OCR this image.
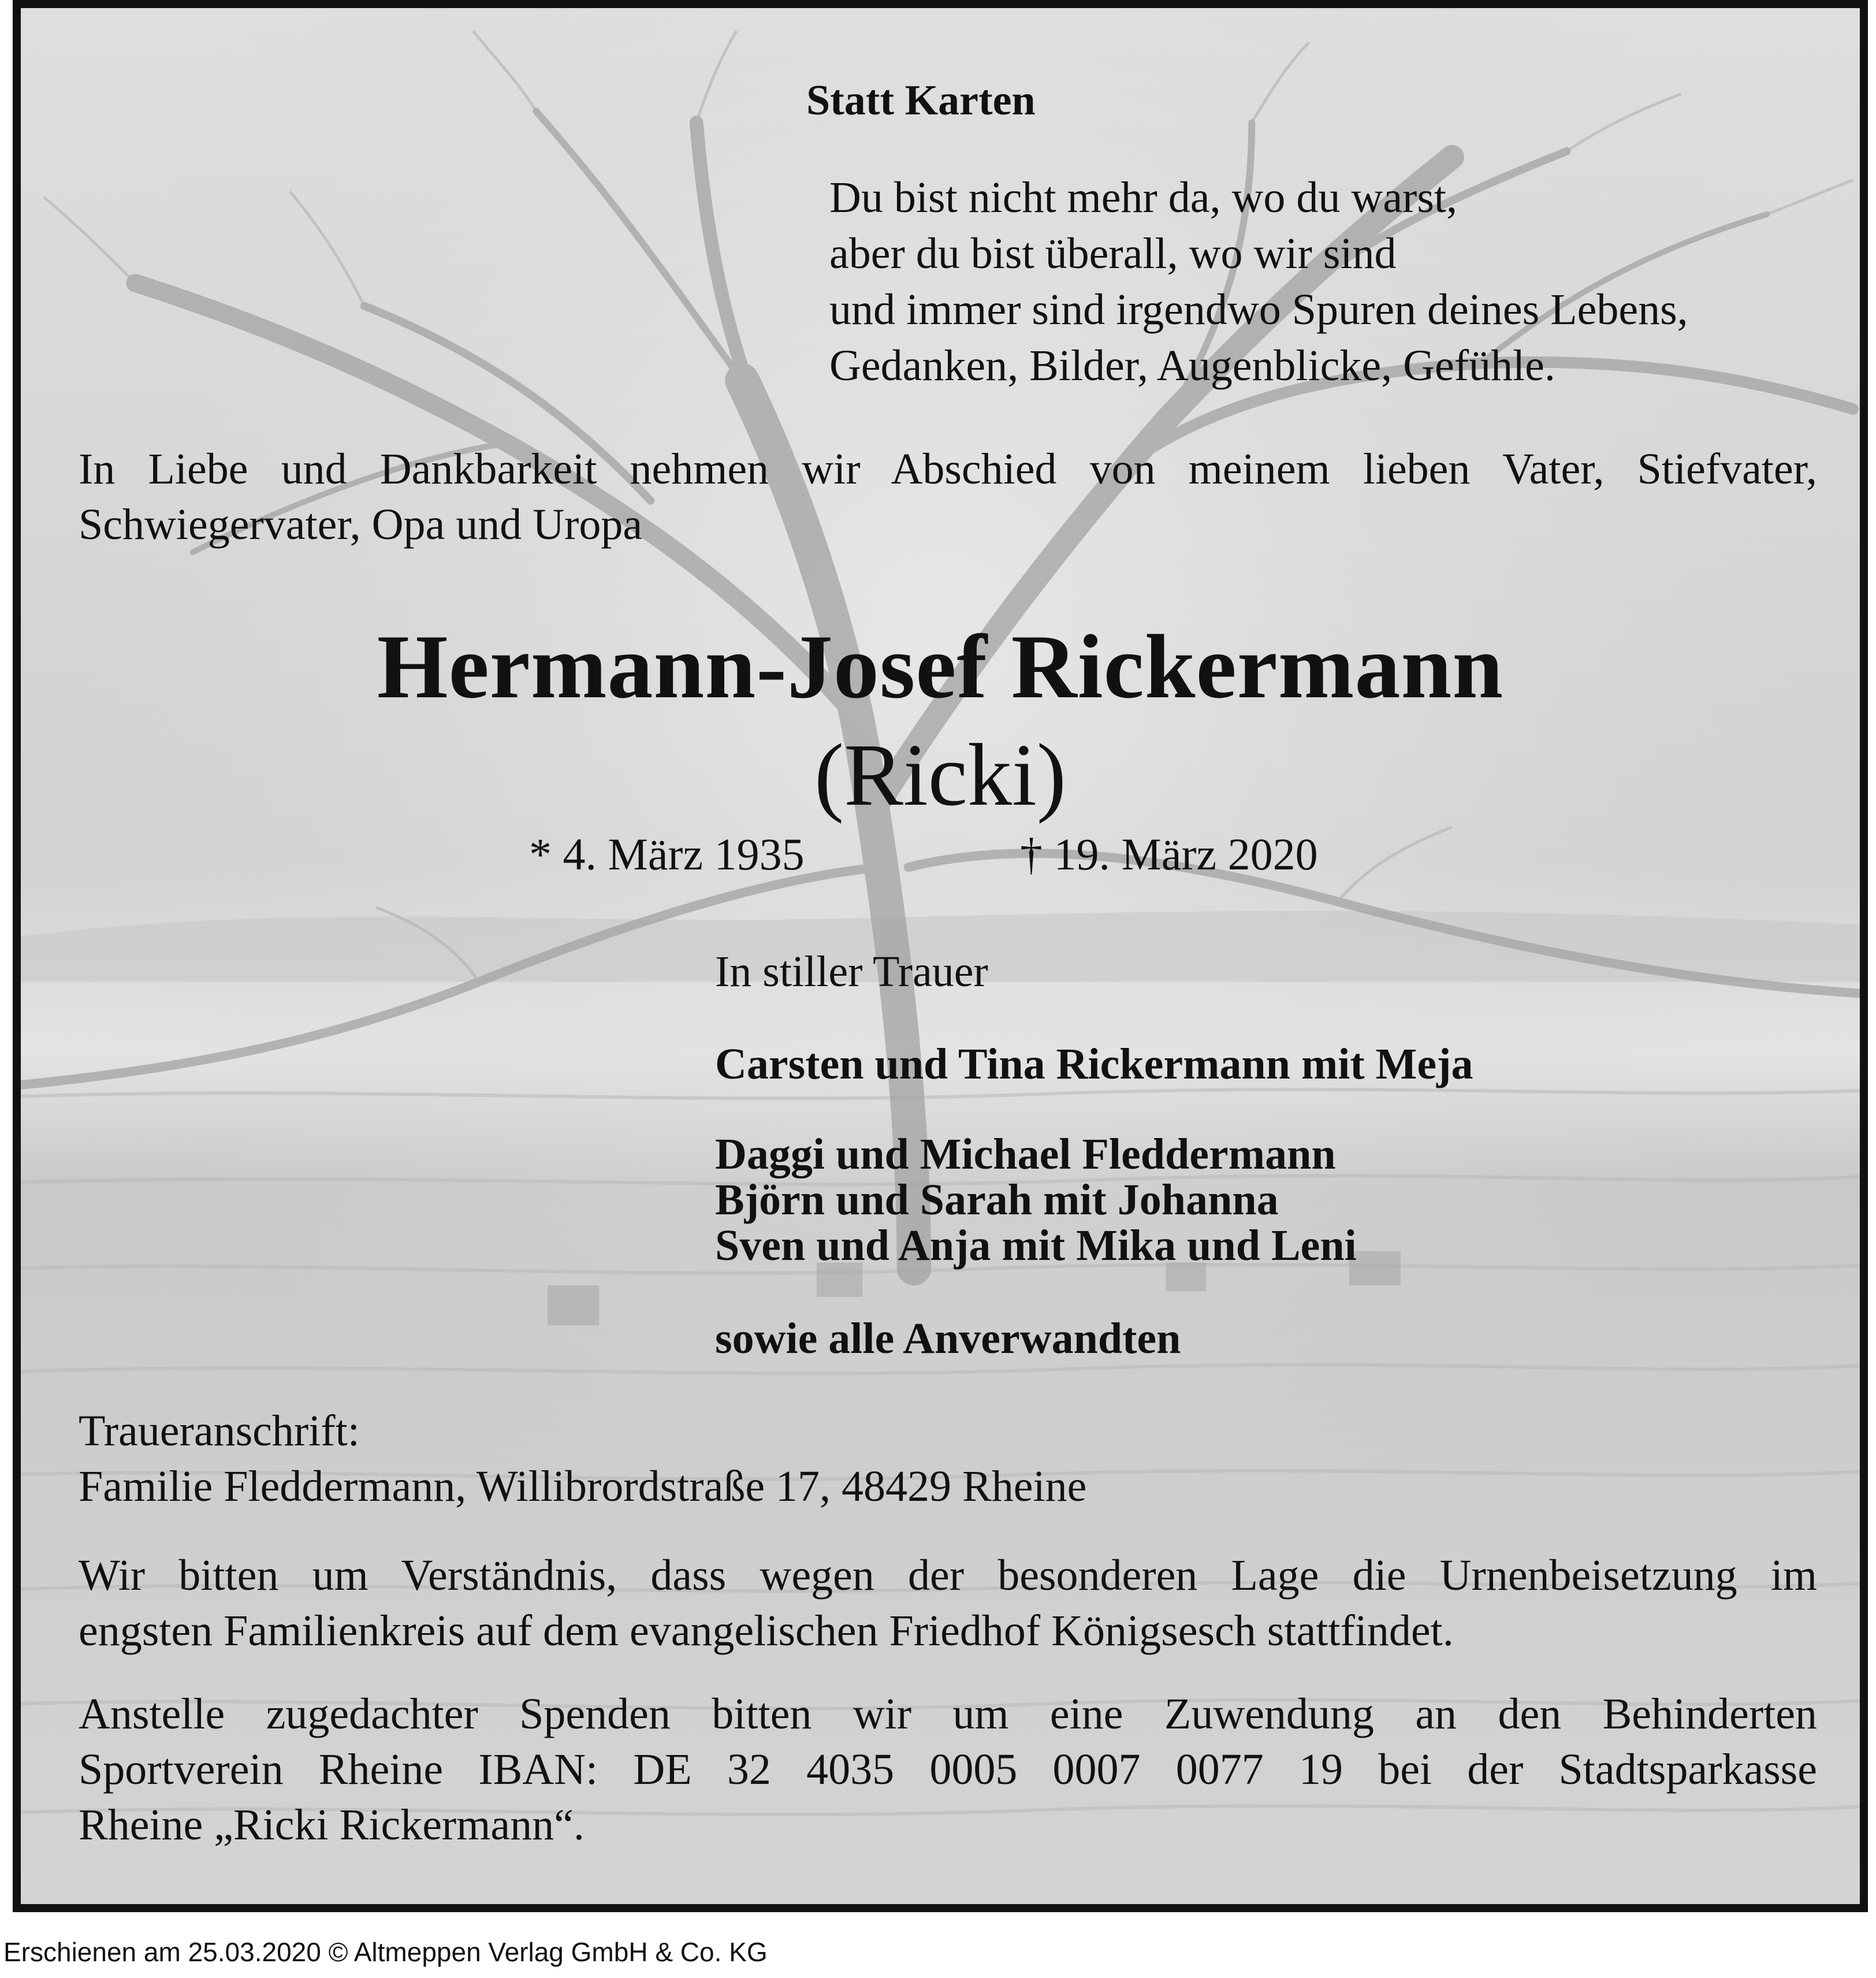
Statt Karten
Du bist nicht mehr da, wo du warst,
aber du bist überall, wo wir sind
und immer sind irgendwo Spuren deines Lebens,
Gedanken, Bilder, Augenblicke, Gefühle.
In Liebe und Dankbarkeit nehmen wir Abschied von meinem lieben Vater, Stiefvater,
Schwiegervater, Opa und Uropa
Hermann-Josef Rickermann
(Ricki)
* 4. März 1935	† 19. März 2020
In stiller Trauer
Carsten und Tina Rickermann mit Meja
Daggi und Michael Fleddermann
Björn und Sarah mit Johanna
Sven und Anja mit Mika und Leni
sowie alle Anverwandten
Traueranschrift:
Familie Fleddermann, Willibrordstraße 17, 48429 Rheine
Wir bitten um Verständnis, dass wegen der besonderen Lage die Urnenbeisetzung im
engsten Familienkreis auf dem evangelischen Friedhof Königsesch stattfindet.
Anstelle zugedachter Spenden bitten wir um eine Zuwendung an den Behinderten
Sportverein Rheine IBAN: DE 32 4035 0005 0007 0077 19 bei der Stadtsparkasse
Rheine „Ricki Rickermann“.
Erschienen am 25.03.2020 © Altmeppen Verlag GmbH & Co. KG
